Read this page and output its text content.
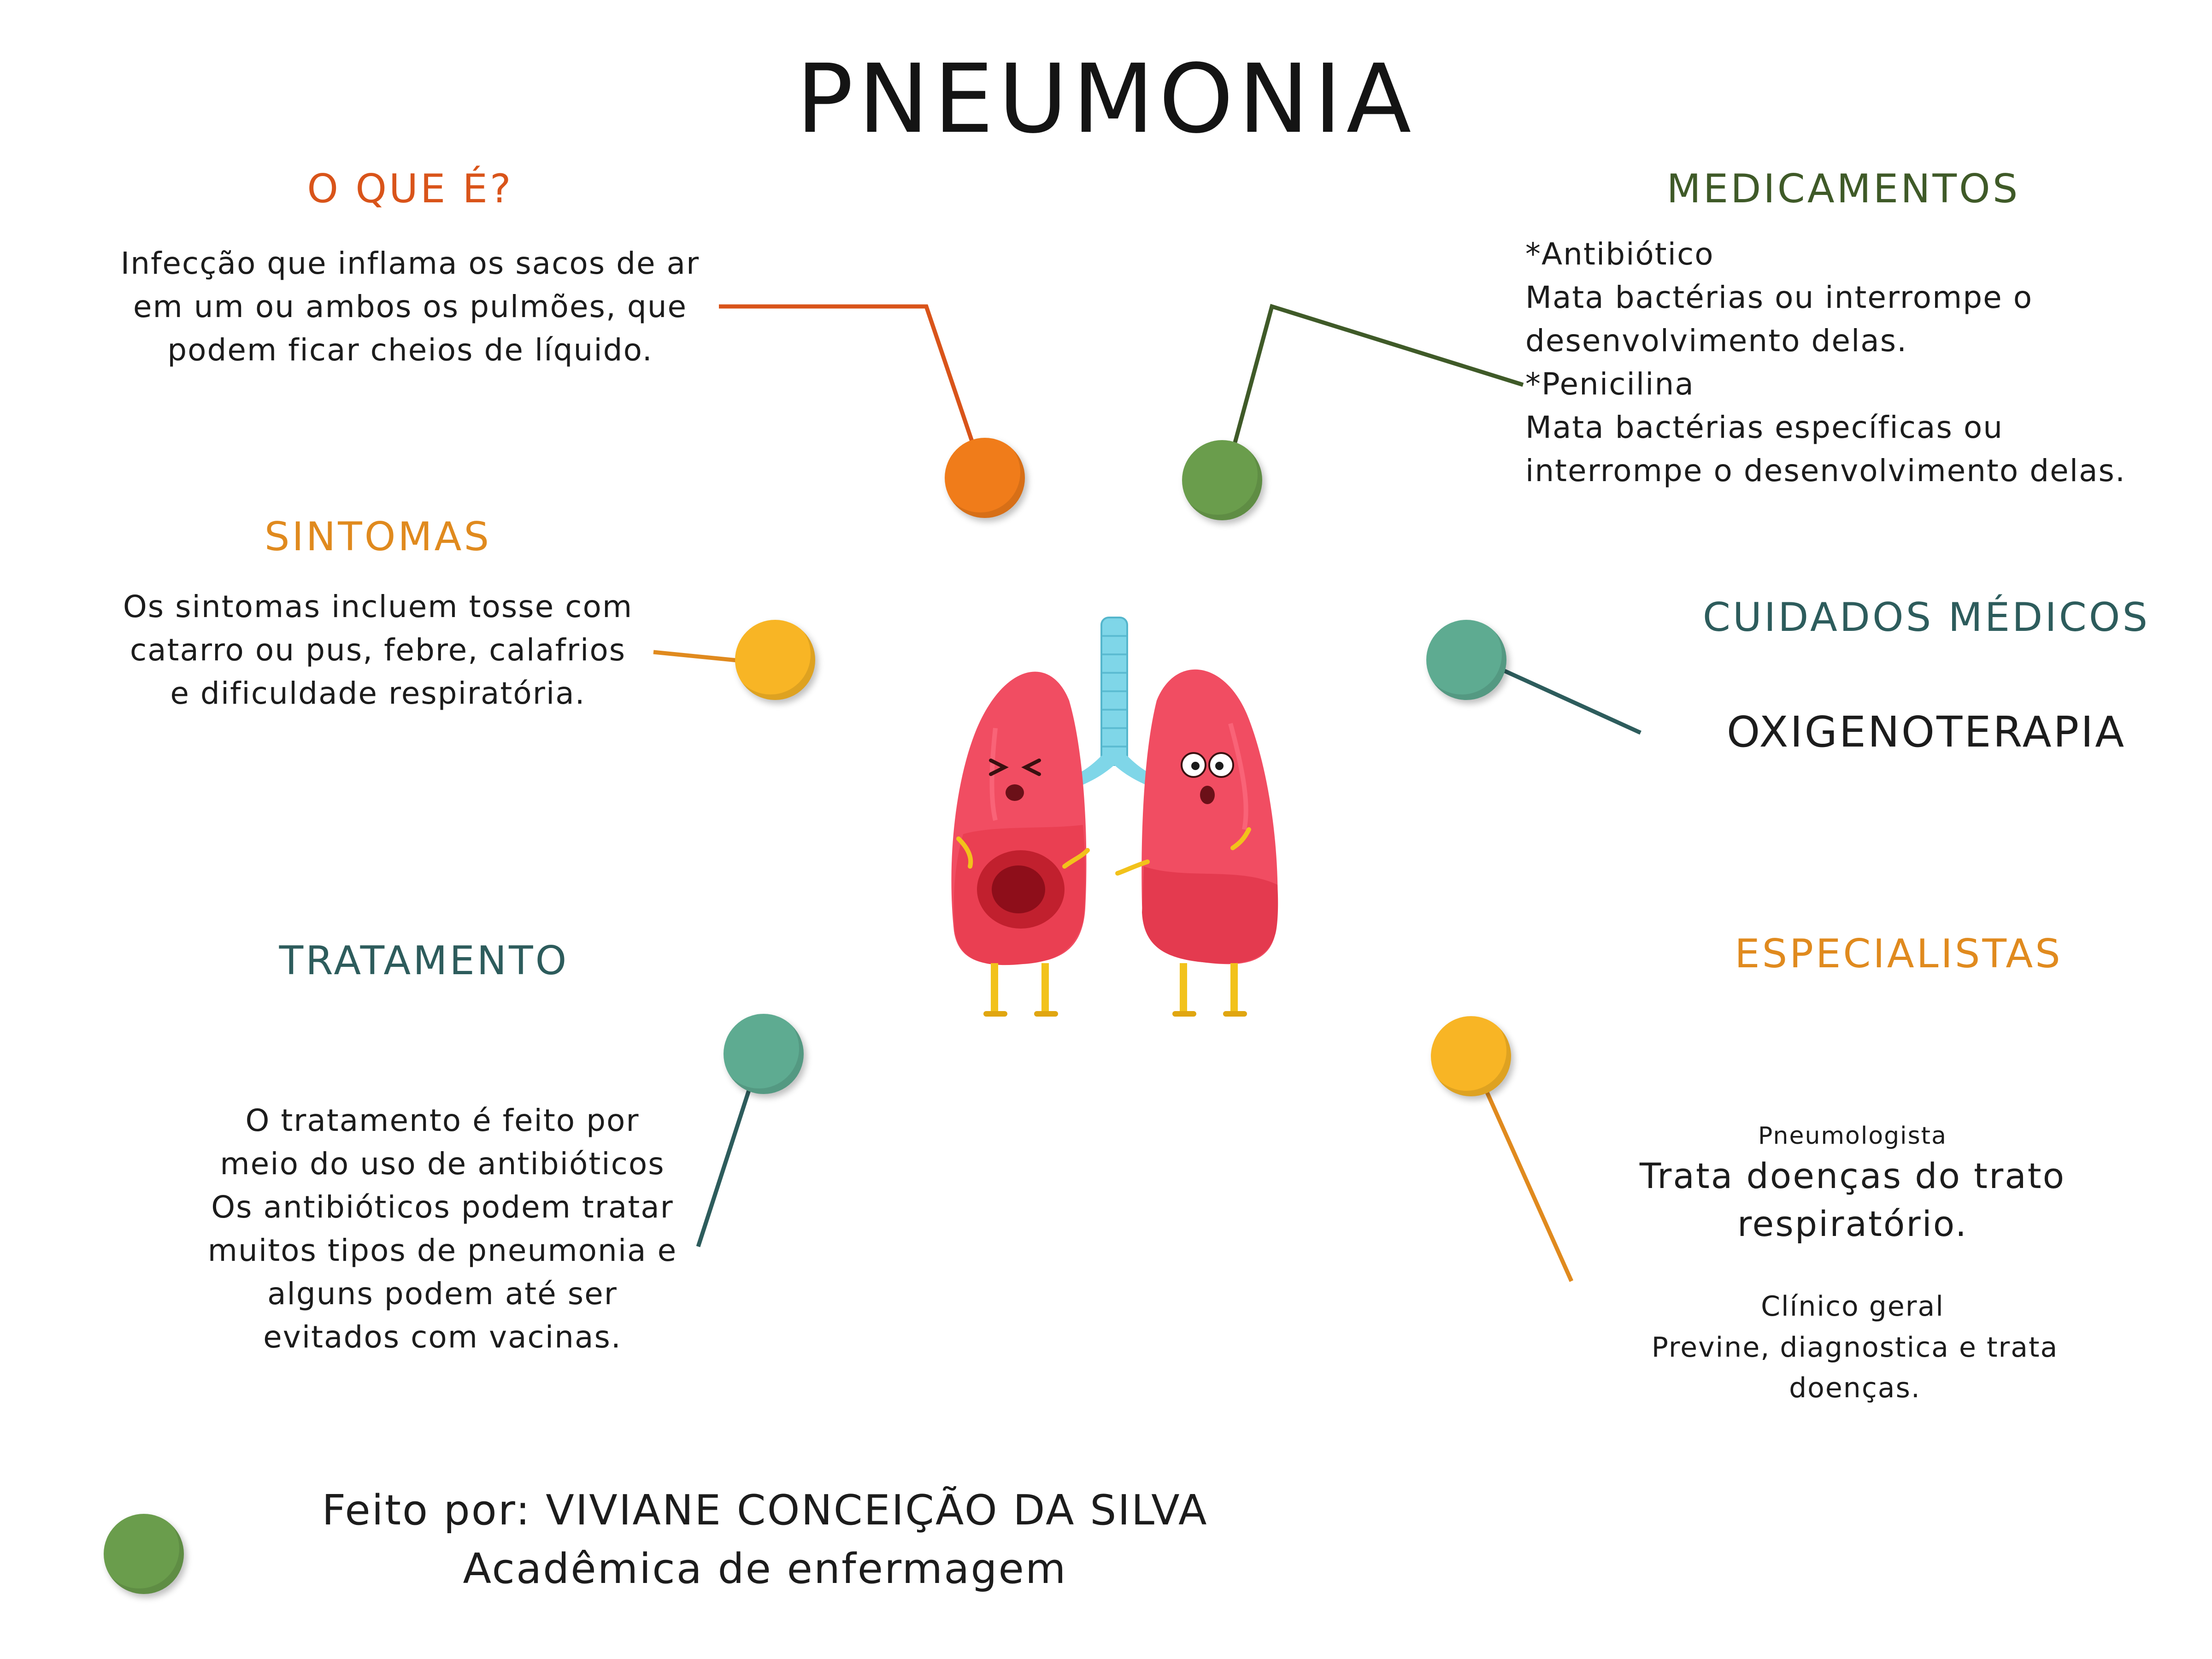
PNEUMONIA
O QUE É?
Infecção que inflama os sacos de ar
em um ou ambos os pulmões, que
podem ficar cheios de líquido.
SINTOMAS
Os sintomas incluem tosse com
catarro ou pus, febre, calafrios
e dificuldade respiratória.
TRATAMENTO
O tratamento é feito por
meio do uso de antibióticos
Os antibióticos podem tratar
muitos tipos de pneumonia e
alguns podem até ser
evitados com vacinas.
MEDICAMENTOS
*Antibiótico
Mata bactérias ou interrompe o
desenvolvimento delas.
*Penicilina
Mata bactérias específicas ou
interrompe o desenvolvimento delas.
CUIDADOS MÉDICOS
OXIGENOTERAPIA
ESPECIALISTAS
Pneumologista
Trata doenças do trato
respiratório.
Clínico geral
Previne, diagnostica e trata
doenças.
Feito por: VIVIANE CONCEIÇÃO DA SILVA
Acadêmica de enfermagem
